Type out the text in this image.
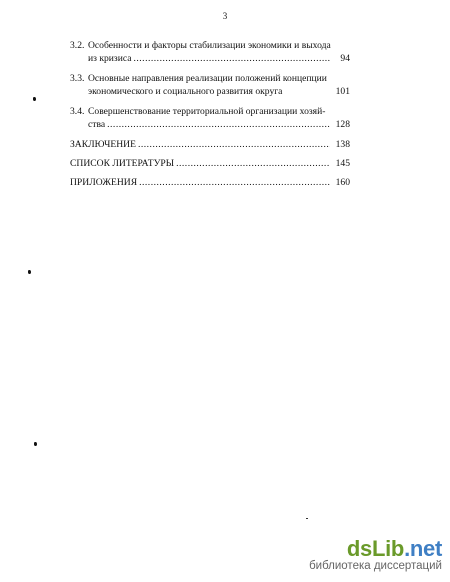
3
3.2. Особенности и факторы стабилизации экономики и выхода
из кризиса .....	94
3.3. Основные направления реализации положений концепции
экономического и социального развития округа	101
3.4. Совершенствование территориальной организации хозяй-
ства .....	128
ЗАКЛЮЧЕНИЕ .....	138
СПИСОК ЛИТЕРАТУРЫ .....	145
ПРИЛОЖЕНИЯ .....	160
dsLib.net
библиотека диссертаций
